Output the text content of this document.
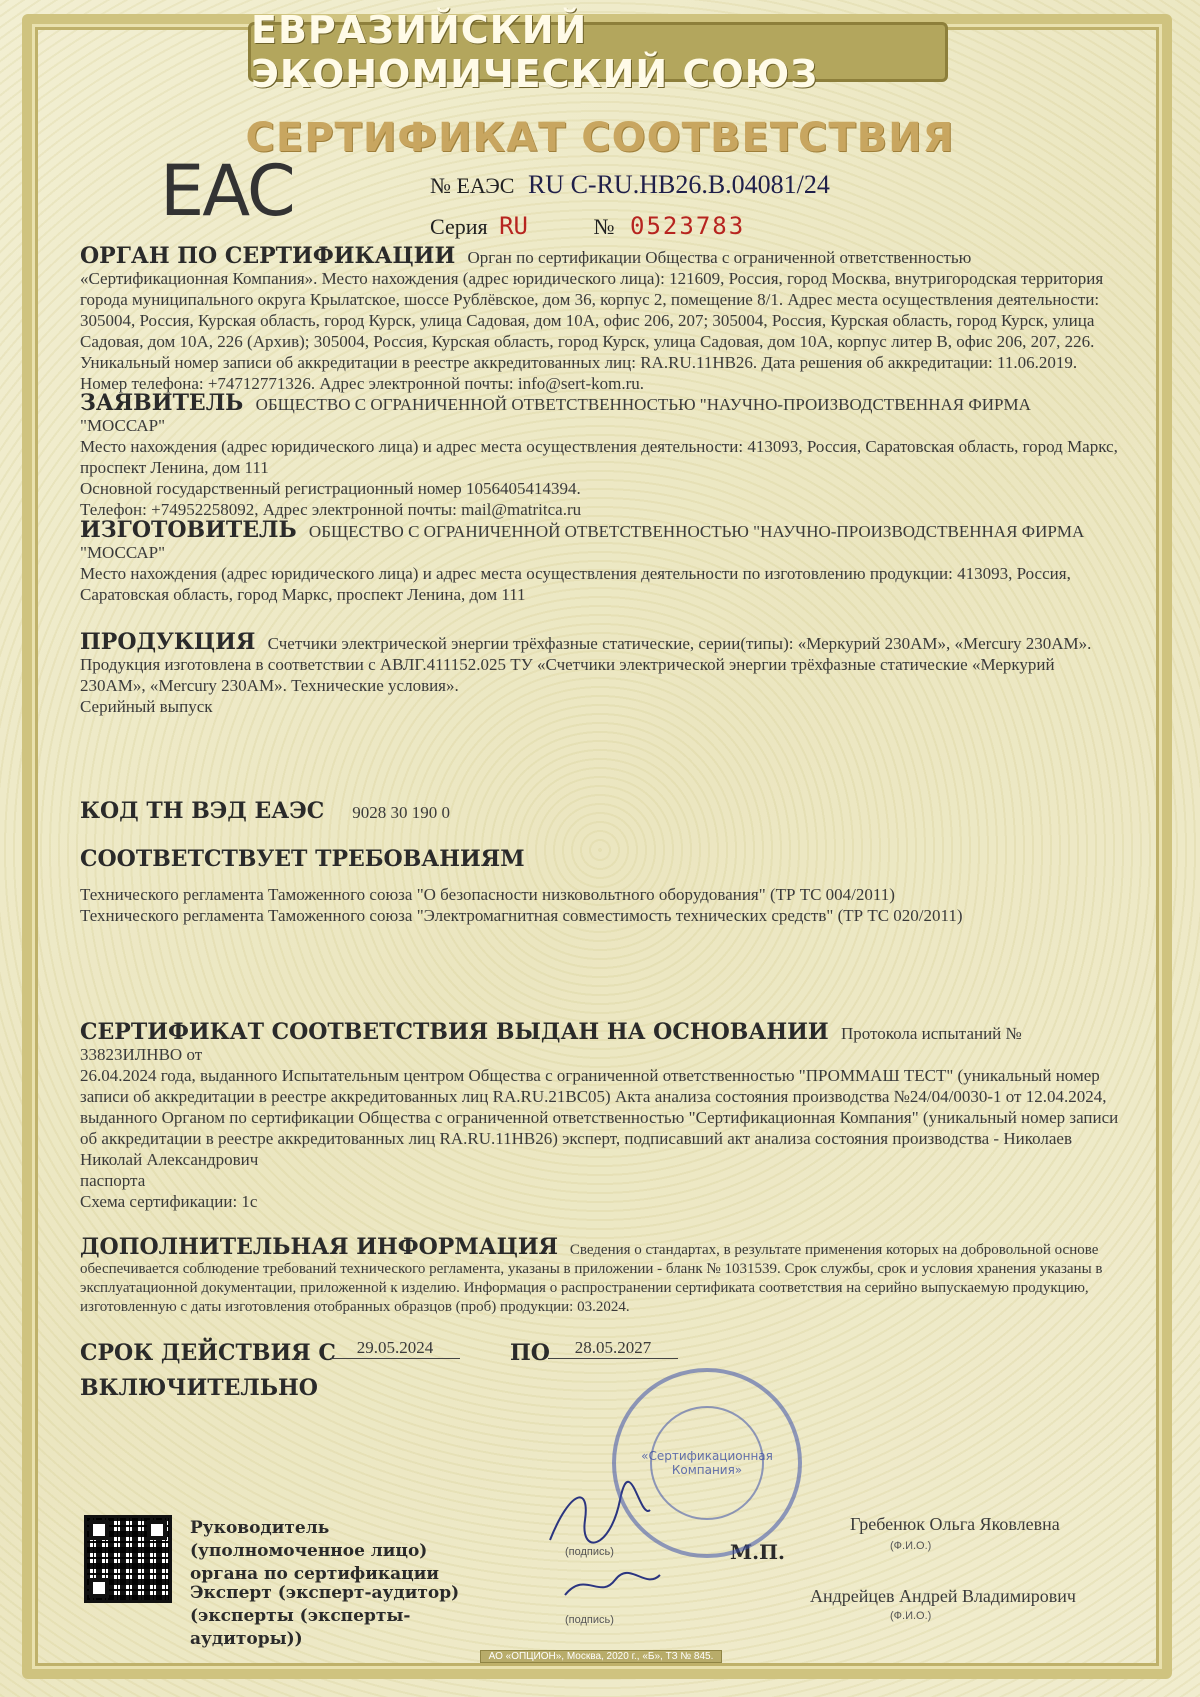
ЕВРАЗИЙСКИЙ ЭКОНОМИЧЕСКИЙ СОЮЗ
СЕРТИФИКАТ СООТВЕТСТВИЯ
EAC	№ ЕАЭС RU С-RU.НВ26.В.04081/24
Серия RU	№ 0523783
ОРГАН ПО СЕРТИФИКАЦИИ Орган по сертификации Общества с ограниченной ответственностью «Сертификационная Компания». Место нахождения (адрес юридического лица): 121609, Россия, город Москва, внутригородская территория города муниципального округа Крылатское, шоссе Рублёвское, дом 36, корпус 2, помещение 8/1. Адрес места осуществления деятельности: 305004, Россия, Курская область, город Курск, улица Садовая, дом 10А, офис 206, 207; 305004, Россия, Курская область, город Курск, улица Садовая, дом 10А, 226 (Архив); 305004, Россия, Курская область, город Курск, улица Садовая, дом 10А, корпус литер В, офис 206, 207, 226. Уникальный номер записи об аккредитации в реестре аккредитованных лиц: RA.RU.11НВ26. Дата решения об аккредитации: 11.06.2019. Номер телефона: +74712771326. Адрес электронной почты: info@sert-kom.ru.
ЗАЯВИТЕЛЬ ОБЩЕСТВО С ОГРАНИЧЕННОЙ ОТВЕТСТВЕННОСТЬЮ "НАУЧНО-ПРОИЗВОДСТВЕННАЯ ФИРМА "МОССАР"
Место нахождения (адрес юридического лица) и адрес места осуществления деятельности: 413093, Россия, Саратовская область, город Маркс, проспект Ленина, дом 111
Основной государственный регистрационный номер 1056405414394.
Телефон: +74952258092, Адрес электронной почты: mail@matritca.ru
ИЗГОТОВИТЕЛЬ ОБЩЕСТВО С ОГРАНИЧЕННОЙ ОТВЕТСТВЕННОСТЬЮ "НАУЧНО-ПРОИЗВОДСТВЕННАЯ ФИРМА "МОССАР"
Место нахождения (адрес юридического лица) и адрес места осуществления деятельности по изготовлению продукции: 413093, Россия, Саратовская область, город Маркс, проспект Ленина, дом 111
ПРОДУКЦИЯ Счетчики электрической энергии трёхфазные статические, серии(типы): «Меркурий 230АМ», «Mercury 230АМ». Продукция изготовлена в соответствии с АВЛГ.411152.025 ТУ «Счетчики электрической энергии трёхфазные статические «Меркурий 230АМ», «Mercury 230АМ». Технические условия».
Серийный выпуск
КОД ТН ВЭД ЕАЭС 9028 30 190 0
СООТВЕТСТВУЕТ ТРЕБОВАНИЯМ
Технического регламента Таможенного союза "О безопасности низковольтного оборудования" (ТР ТС 004/2011)
Технического регламента Таможенного союза "Электромагнитная совместимость технических средств" (ТР ТС 020/2011)
СЕРТИФИКАТ СООТВЕТСТВИЯ ВЫДАН НА ОСНОВАНИИ Протокола испытаний № 33823ИЛНВО от
26.04.2024 года, выданного Испытательным центром Общества с ограниченной ответственностью "ПРОММАШ ТЕСТ" (уникальный номер записи об аккредитации в реестре аккредитованных лиц RA.RU.21ВС05) Акта анализа состояния производства №24/04/0030-1 от 12.04.2024, выданного Органом по сертификации Общества с ограниченной ответственностью "Сертификационная Компания" (уникальный номер записи об аккредитации в реестре аккредитованных лиц RA.RU.11НВ26) эксперт, подписавший акт анализа состояния производства - Николаев Николай Александрович
паспорта
Схема сертификации: 1с
ДОПОЛНИТЕЛЬНАЯ ИНФОРМАЦИЯ Сведения о стандартах, в результате применения которых на добровольной основе обеспечивается соблюдение требований технического регламента, указаны в приложении - бланк № 1031539. Срок службы, срок и условия хранения указаны в эксплуатационной документации, приложенной к изделию. Информация о распространении сертификата соответствия на серийно выпускаемую продукцию, изготовленную с даты изготовления отобранных образцов (проб) продукции: 03.2024.
СРОК ДЕЙСТВИЯ С	29.05.2024	ПО	28.05.2027
ВКЛЮЧИТЕЛЬНО
Руководитель (уполномоченное лицо) органа по сертификации
Эксперт (эксперт-аудитор) (эксперты (эксперты-аудиторы))
(подпись)
(подпись)
М.П.
«Сертификационная Компания»
Гребенюк Ольга Яковлевна
(Ф.И.О.)
Андрейцев Андрей Владимирович
(Ф.И.О.)
АО «ОПЦИОН», Москва, 2020 г., «Б», ТЗ № 845.
